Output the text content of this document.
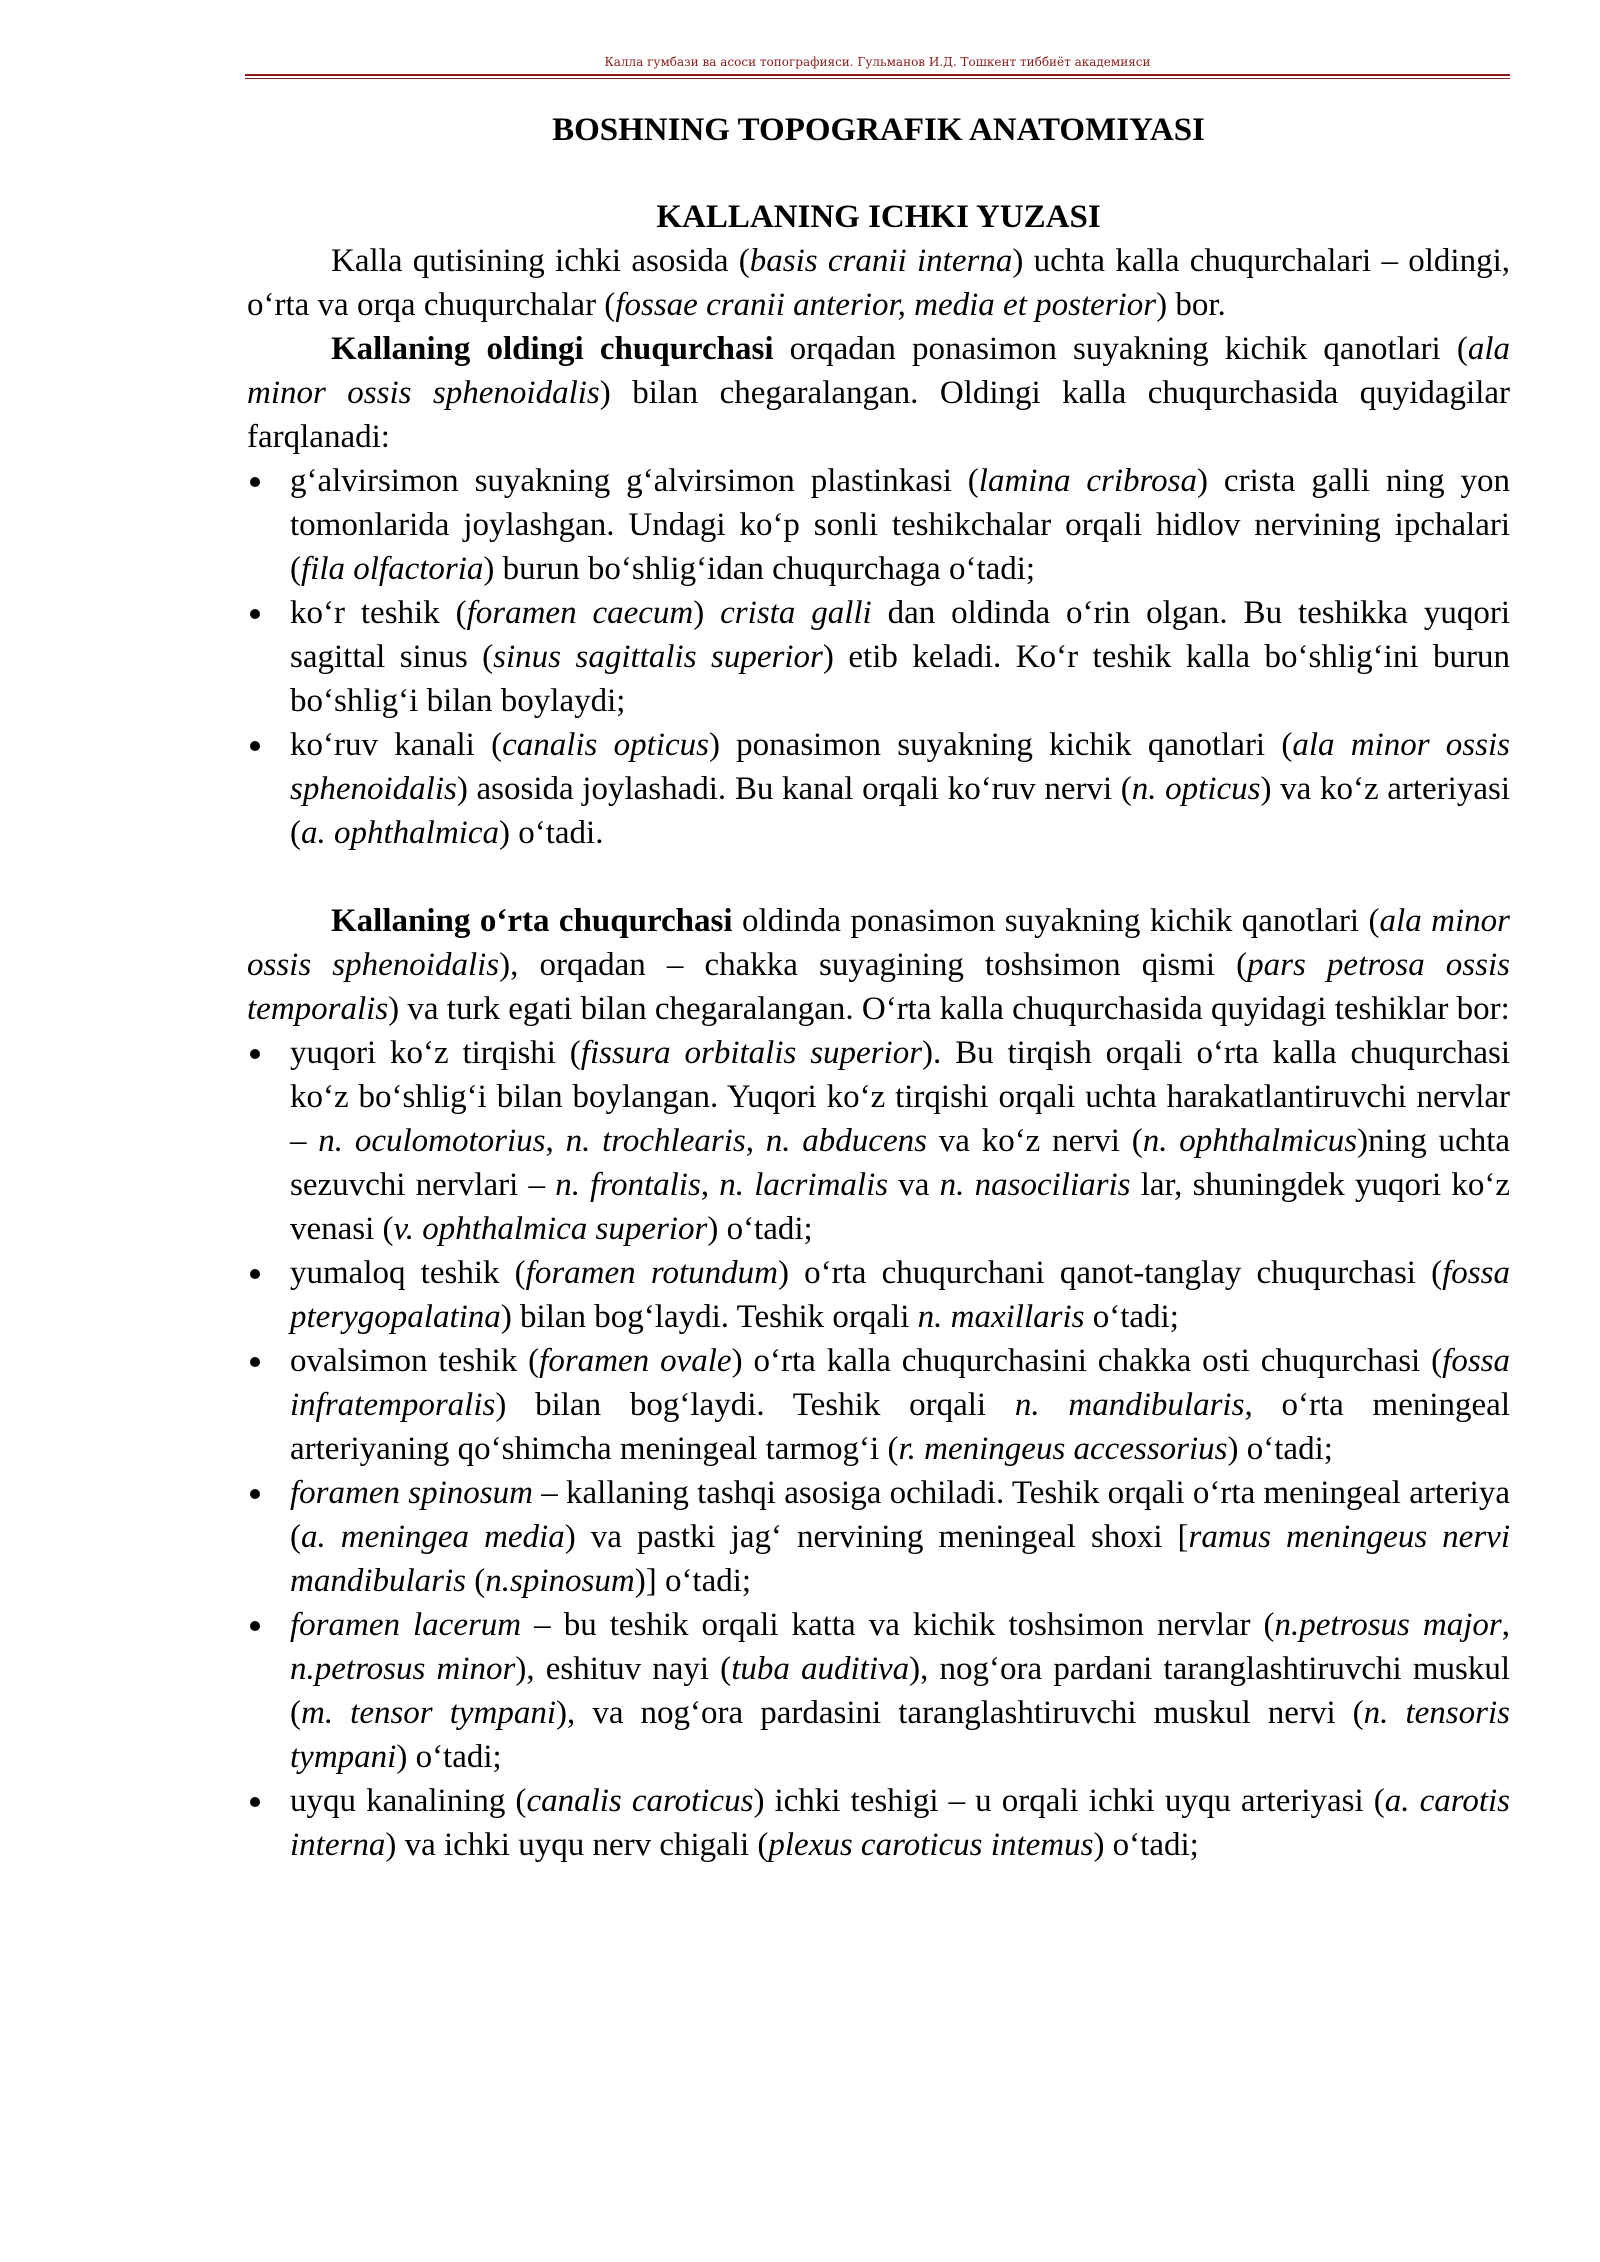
Калла гумбази ва асоси топографияси. Гульманов И.Д. Тошкент тиббиёт академияси
BOSHNING TOPOGRAFIK ANATOMIYASI
KALLANING ICHKI YUZASI

Kalla qutisining ichki asosida (basis cranii interna) uchta kalla chuqurchalari – oldingi, o‘rta va orqa chuqurchalar (fossae cranii anterior, media et posterior) bor.

Kallaning oldingi chuqurchasi orqadan ponasimon suyakning kichik qanotlari (ala minor ossis sphenoidalis) bilan chegaralangan. Oldingi kalla chuqurchasida quyidagilar farqlanadi:

g‘alvirsimon suyakning g‘alvirsimon plastinkasi (lamina cribrosa) crista galli ning yon tomonlarida joylashgan. Undagi ko‘p sonli teshikchalar orqali hidlov nervining ipchalari (fila olfactoria) burun bo‘shlig‘idan chuqurchaga o‘tadi;
ko‘r teshik (foramen caecum) crista galli dan oldinda o‘rin olgan. Bu teshikka yuqori sagittal sinus (sinus sagittalis superior) etib keladi. Ko‘r teshik kalla bo‘shlig‘ini burun bo‘shlig‘i bilan boylaydi;
ko‘ruv kanali (canalis opticus) ponasimon suyakning kichik qanotlari (ala minor ossis sphenoidalis) asosida joylashadi. Bu kanal orqali ko‘ruv nervi (n. opticus) va ko‘z arteriyasi (a. ophthalmica) o‘tadi.

Kallaning o‘rta chuqurchasi oldinda ponasimon suyakning kichik qanotlari (ala minor ossis sphenoidalis), orqadan – chakka suyagining toshsimon qismi (pars petrosa ossis temporalis) va turk egati bilan chegaralangan. O‘rta kalla chuqurchasida quyidagi teshiklar bor:

yuqori ko‘z tirqishi (fissura orbitalis superior). Bu tirqish orqali o‘rta kalla chuqurchasi ko‘z bo‘shlig‘i bilan boylangan. Yuqori ko‘z tirqishi orqali uchta harakatlantiruvchi nervlar – n. oculomotorius, n. trochlearis, n. abducens va ko‘z nervi (n. ophthalmicus)ning uchta sezuvchi nervlari – n. frontalis, n. lacrimalis va n. nasociliaris lar, shuningdek yuqori ko‘z venasi (v. ophthalmica superior) o‘tadi;
yumaloq teshik (foramen rotundum) o‘rta chuqurchani qanot-tanglay chuqurchasi (fossa pterygopalatina) bilan bog‘laydi. Teshik orqali n. maxillaris o‘tadi;
ovalsimon teshik (foramen ovale) o‘rta kalla chuqurchasini chakka osti chuqurchasi (fossa infratemporalis) bilan bog‘laydi. Teshik orqali n. mandibularis, o‘rta meningeal arteriyaning qo‘shimcha meningeal tarmog‘i (r. meningeus accessorius) o‘tadi;
foramen spinosum – kallaning tashqi asosiga ochiladi. Teshik orqali o‘rta meningeal arteriya (a. meningea media) va pastki jag‘ nervining meningeal shoxi [ramus meningeus nervi mandibularis (n.spinosum)] o‘tadi;
foramen lacerum – bu teshik orqali katta va kichik toshsimon nervlar (n.petrosus major, n.petrosus minor), eshituv nayi (tuba auditiva), nog‘ora pardani taranglashtiruvchi muskul (m. tensor tympani), va nog‘ora pardasini taranglashtiruvchi muskul nervi (n. tensoris tympani) o‘tadi;
uyqu kanalining (canalis caroticus) ichki teshigi – u orqali ichki uyqu arteriyasi (a. carotis interna) va ichki uyqu nerv chigali (plexus caroticus intemus) o‘tadi;
